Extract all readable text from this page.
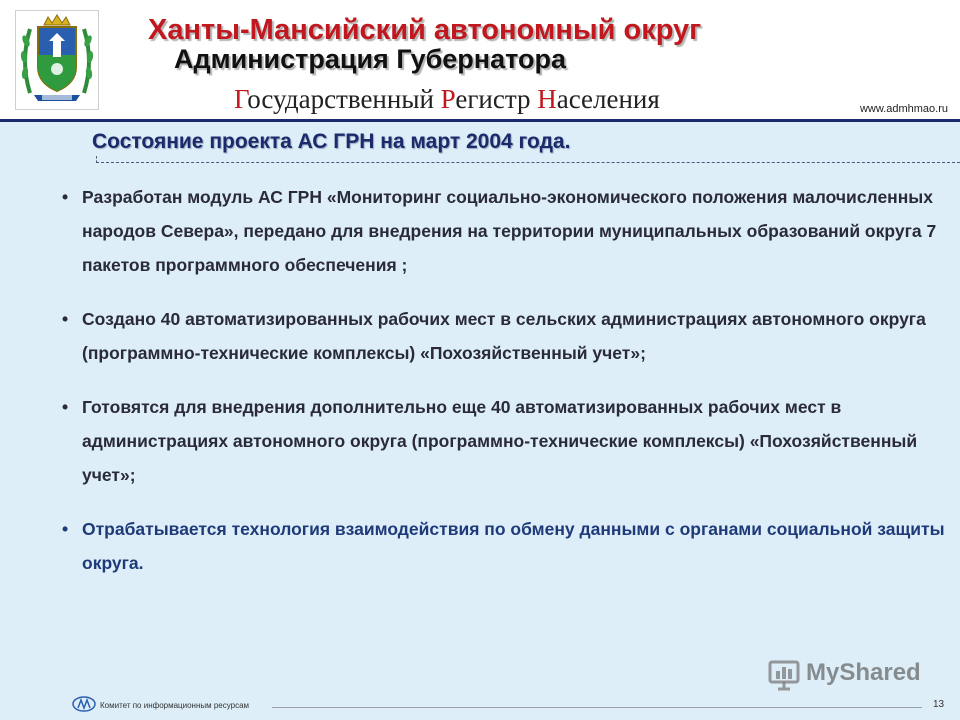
Ханты-Мансийский автономный округ
Администрация Губернатора
Государственный Регистр Населения	www.admhmao.ru
Состояние проекта АС ГРН на март 2004 года.
• Разработан модуль АС ГРН «Мониторинг социально-экономического положения малочисленных народов Севера», передано для внедрения на территории муниципальных образований округа 7 пакетов программного обеспечения ;
• Создано 40 автоматизированных рабочих мест в сельских администрациях автономного округа (программно-технические комплексы) «Похозяйственный учет»;
• Готовятся для внедрения дополнительно еще 40 автоматизированных рабочих мест в администрациях автономного округа (программно-технические комплексы) «Похозяйственный учет»;
• Отрабатывается технология взаимодействия по обмену данными с органами социальной защиты округа.
MyShared
Комитет по информационным ресурсам	13
